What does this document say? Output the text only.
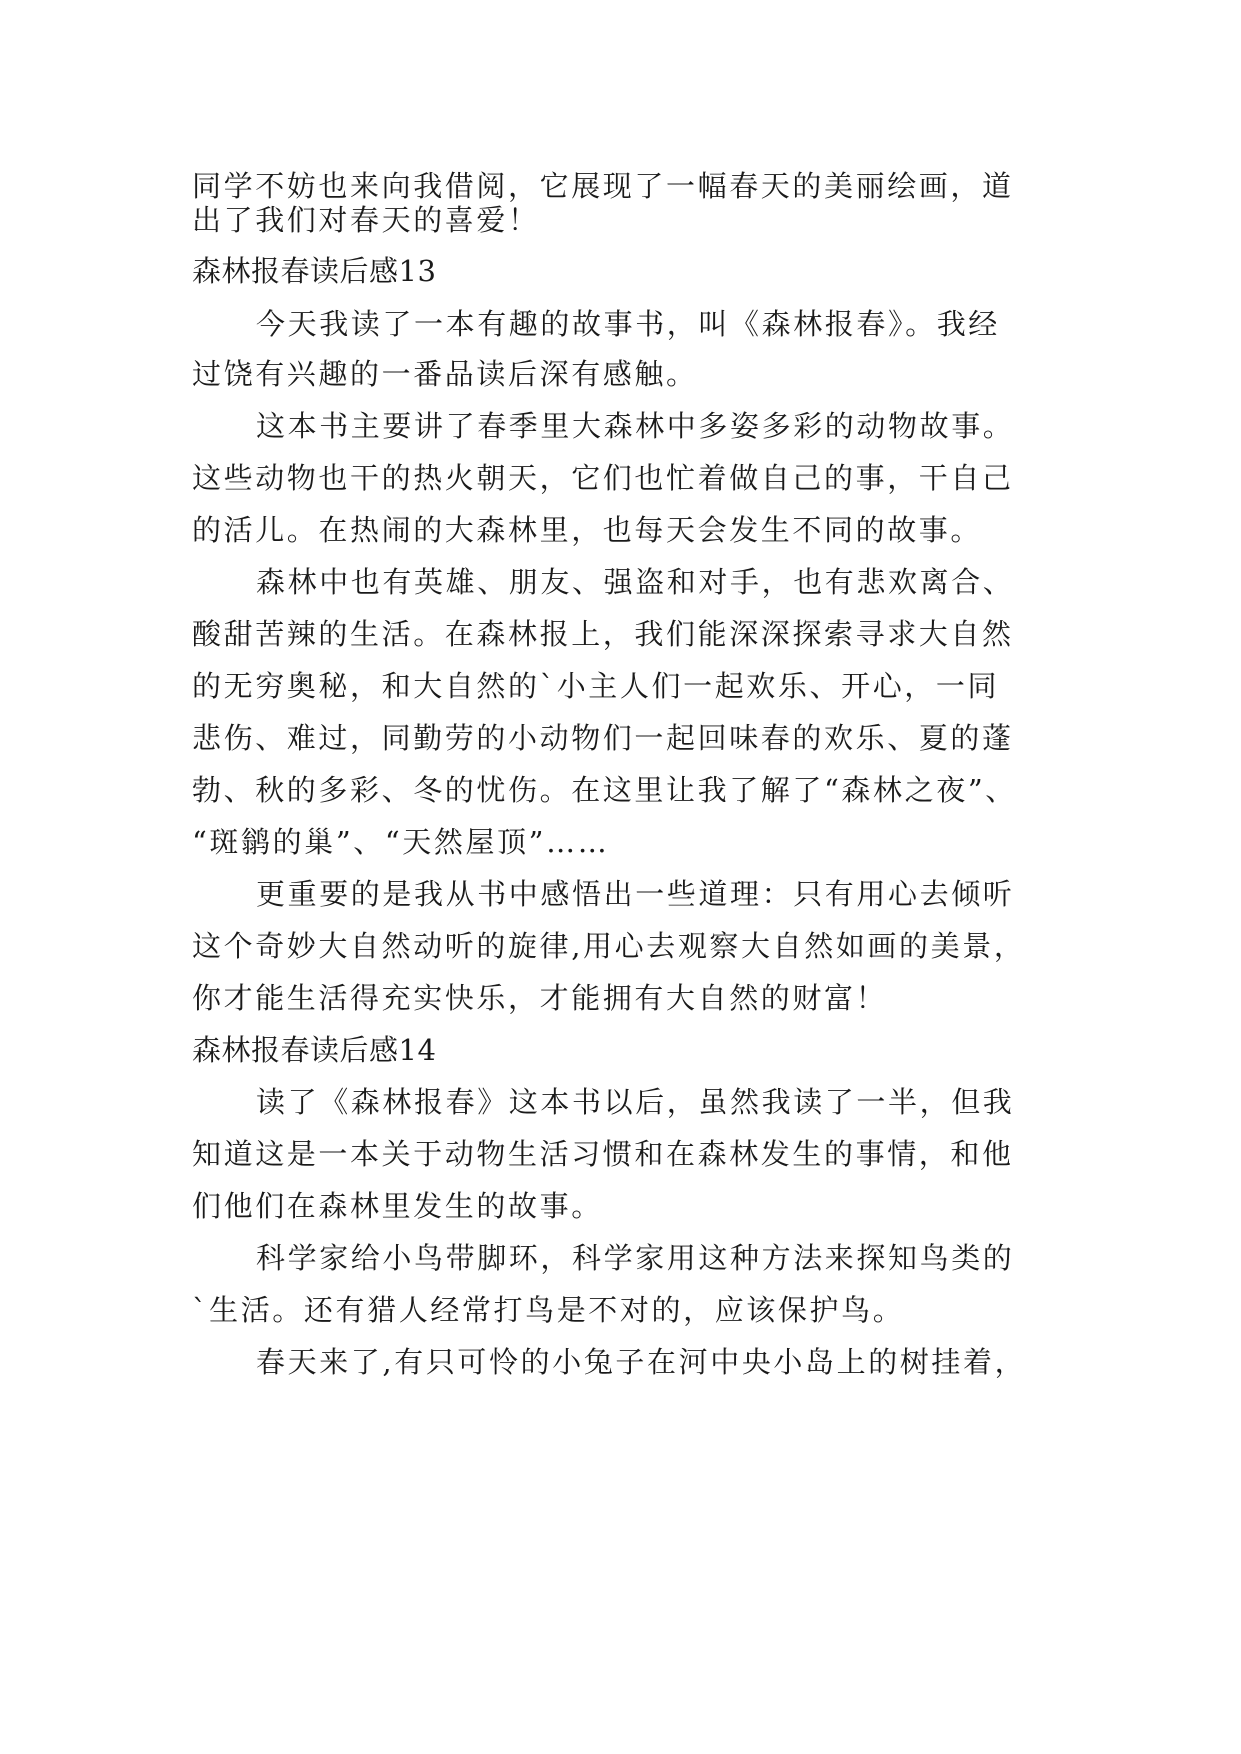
同学不妨也来向我借阅，它展现了一幅春天的美丽绘画，道
出了我们对春天的喜爱！
森林报春读后感13
今天我读了一本有趣的故事书，叫《森林报春》。我经
过饶有兴趣的一番品读后深有感触。
这本书主要讲了春季里大森林中多姿多彩的动物故事。
这些动物也干的热火朝天，它们也忙着做自己的事，干自己
的活儿。在热闹的大森林里，也每天会发生不同的故事。
森林中也有英雄、朋友、强盗和对手，也有悲欢离合、
酸甜苦辣的生活。在森林报上，我们能深深探索寻求大自然
的无穷奥秘，和大自然的`小主人们一起欢乐、开心，一同
悲伤、难过，同勤劳的小动物们一起回味春的欢乐、夏的蓬
勃、秋的多彩、冬的忧伤。在这里让我了解了“森林之夜”、
“斑鹟的巢”、“天然屋顶”……
更重要的是我从书中感悟出一些道理：只有用心去倾听
这个奇妙大自然动听的旋律,用心去观察大自然如画的美景，
你才能生活得充实快乐，才能拥有大自然的财富！
森林报春读后感14
读了《森林报春》这本书以后，虽然我读了一半，但我
知道这是一本关于动物生活习惯和在森林发生的事情，和他
们他们在森林里发生的故事。
科学家给小鸟带脚环，科学家用这种方法来探知鸟类的
`生活。还有猎人经常打鸟是不对的，应该保护鸟。
春天来了,有只可怜的小兔子在河中央小岛上的树挂着，
